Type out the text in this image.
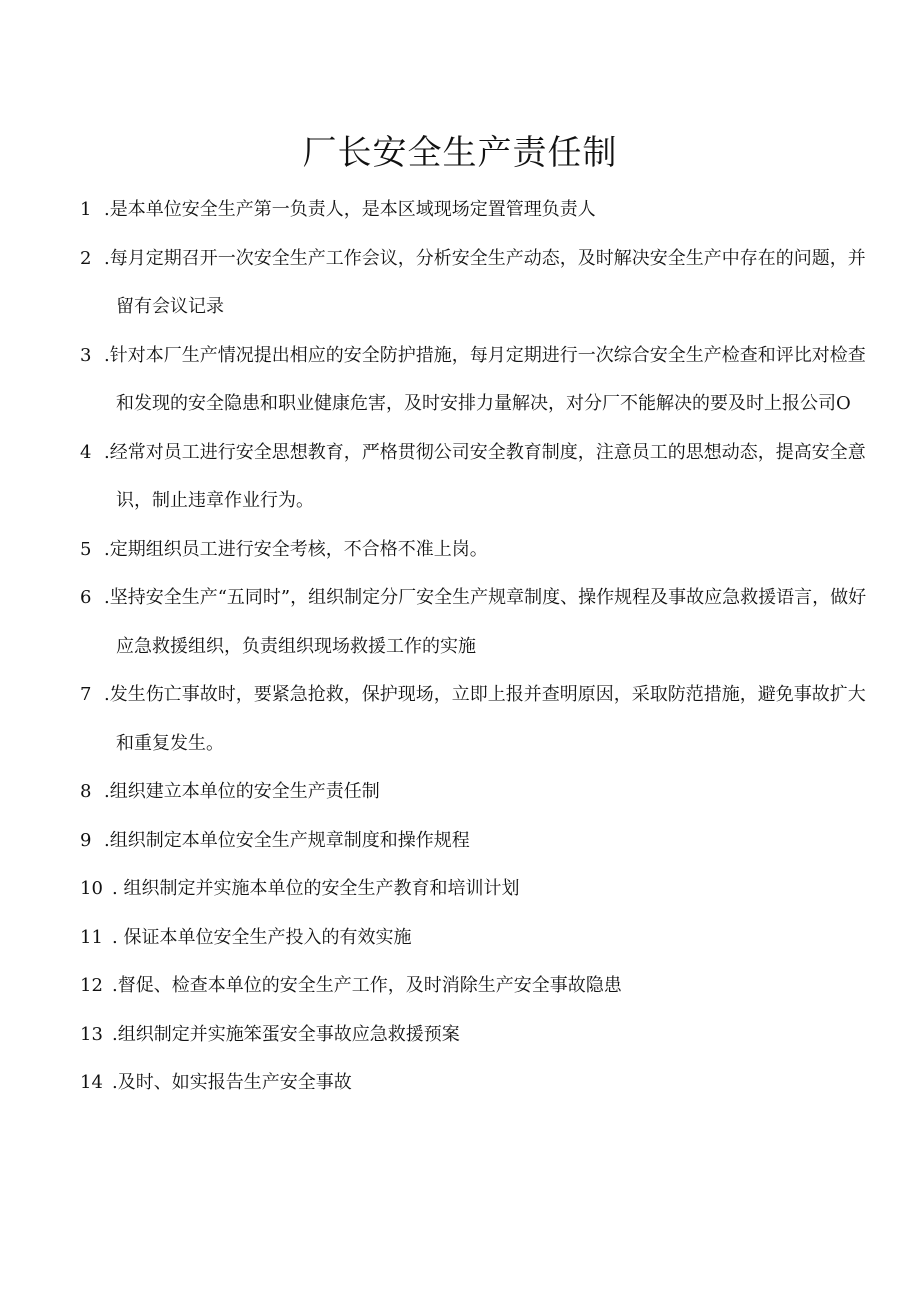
厂长安全生产责任制
1 .是本单位安全生产第一负责人，是本区域现场定置管理负责人
2 .每月定期召开一次安全生产工作会议，分析安全生产动态，及时解决安全生产中存在的问题，并留有会议记录
3 .针对本厂生产情况提出相应的安全防护措施，每月定期进行一次综合安全生产检查和评比对检查和发现的安全隐患和职业健康危害，及时安排力量解决，对分厂不能解决的要及时上报公司O
4 .经常对员工进行安全思想教育，严格贯彻公司安全教育制度，注意员工的思想动态，提高安全意识，制止违章作业行为。
5 .定期组织员工进行安全考核，不合格不准上岗。
6 .坚持安全生产“五同时”，组织制定分厂安全生产规章制度、操作规程及事故应急救援语言，做好应急救援组织，负责组织现场救援工作的实施
7 .发生伤亡事故时，要紧急抢救，保护现场，立即上报并查明原因，采取防范措施，避免事故扩大和重复发生。
8 .组织建立本单位的安全生产责任制
9 .组织制定本单位安全生产规章制度和操作规程
10 . 组织制定并实施本单位的安全生产教育和培训计划
11 . 保证本单位安全生产投入的有效实施
12 .督促、检查本单位的安全生产工作，及时消除生产安全事故隐患
13 .组织制定并实施笨蛋安全事故应急救援预案
14 .及时、如实报告生产安全事故
